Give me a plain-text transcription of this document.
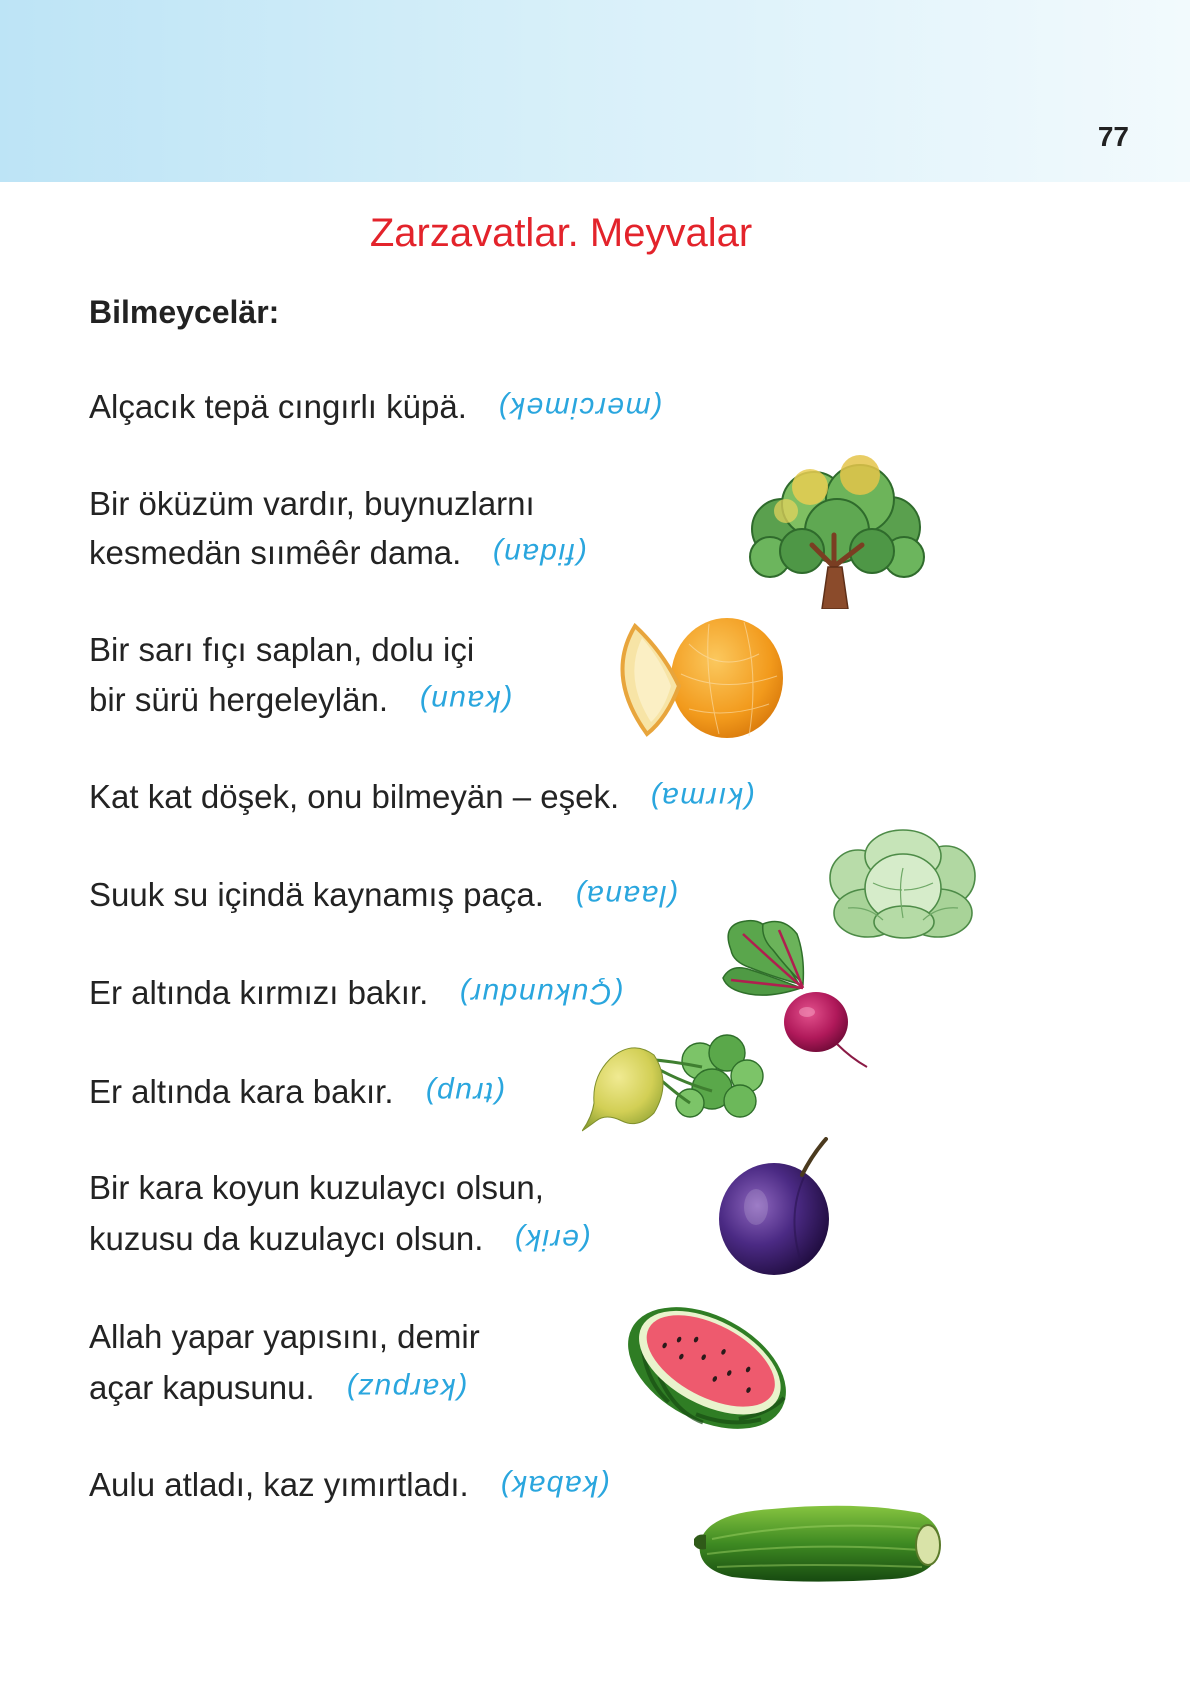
77
Zarzavatlar. Meyvalar
Bilmeycelär:
Alçacık tepä cıngırlı küpä. (mercimek)
Bir öküzüm vardır, buynuzlarnı
kesmedän sıımêêr dama. (fidan)
Bir sarı fıçı saplan, dolu içi
bir sürü hergeleylän. (kaun)
Kat kat döşek, onu bilmeyän – eşek. (kırma)
Suuk su içindä kaynamış paça. (laana)
Er altında kırmızı bakır. (Çukundur)
Er altında kara bakır. (trup)
Bir kara koyun kuzulaycı olsun,
kuzusu da kuzulaycı olsun. (erik)
Allah yapar yapısını, demir
açar kapusunu. (karpuz)
Aulu atladı, kaz yımırtladı. (kabak)
